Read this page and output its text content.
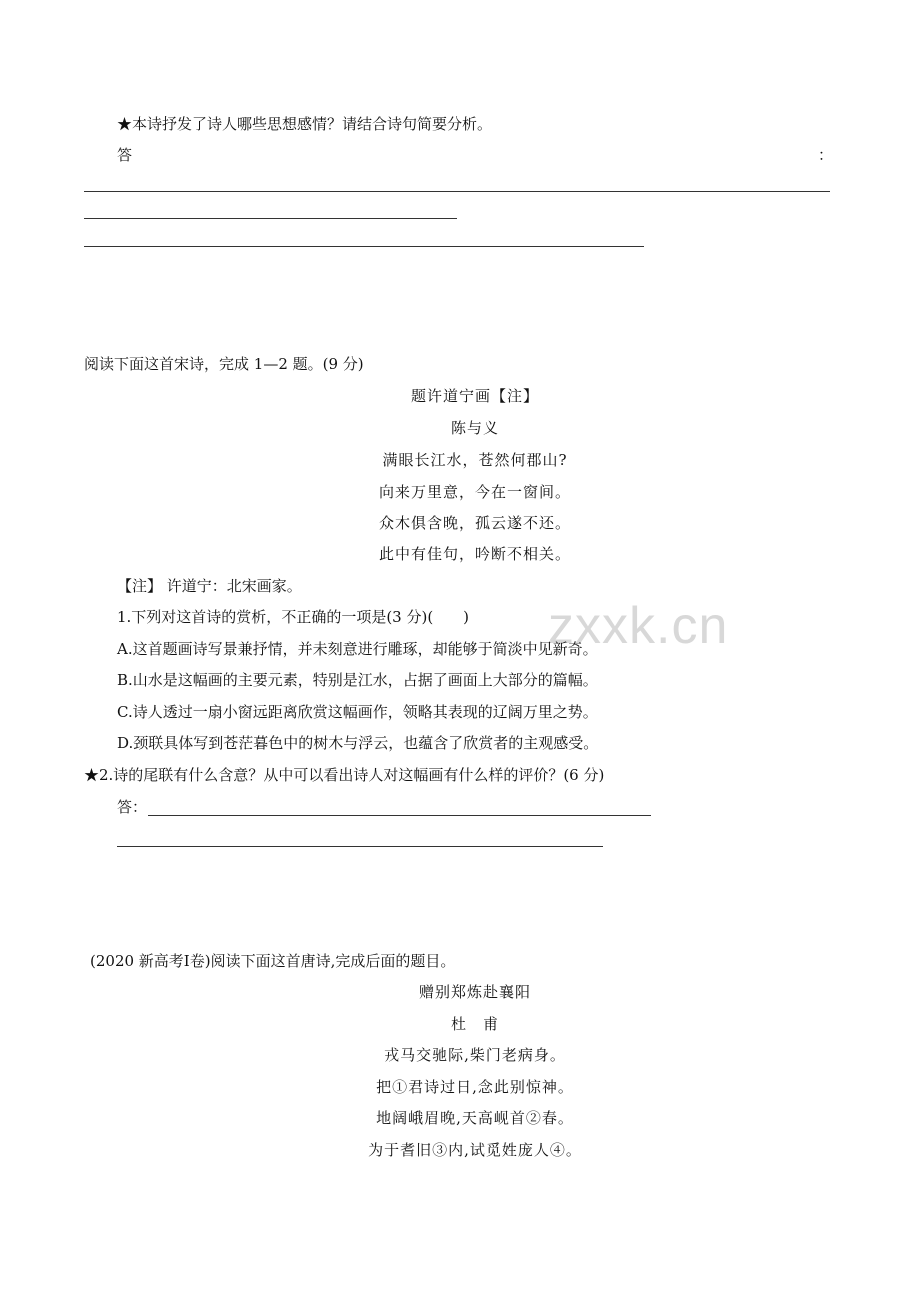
zxxk.cn
★本诗抒发了诗人哪些思想感情？请结合诗句简要分析。
答	：
阅读下面这首宋诗，完成 1—2 题。(9 分)
题许道宁画【注】
陈与义
满眼长江水，苍然何郡山?
向来万里意，今在一窗间。
众木俱含晚，孤云遂不还。
此中有佳句，吟断不相关。
【注】 许道宁：北宋画家。
1.下列对这首诗的赏析，不正确的一项是(3 分)(　　)
A.这首题画诗写景兼抒情，并未刻意进行雕琢，却能够于简淡中见新奇。
B.山水是这幅画的主要元素，特别是江水，占据了画面上大部分的篇幅。
C.诗人透过一扇小窗远距离欣赏这幅画作，领略其表现的辽阔万里之势。
D.颈联具体写到苍茫暮色中的树木与浮云，也蕴含了欣赏者的主观感受。
★2.诗的尾联有什么含意？从中可以看出诗人对这幅画有什么样的评价？(6 分)
答：
(2020 新高考Ⅰ卷)阅读下面这首唐诗,完成后面的题目。
赠别郑炼赴襄阳
杜　甫
戎马交驰际,柴门老病身。
把①君诗过日,念此别惊神。
地阔峨眉晚,天高岘首②春。
为于耆旧③内,试觅姓庞人④。
